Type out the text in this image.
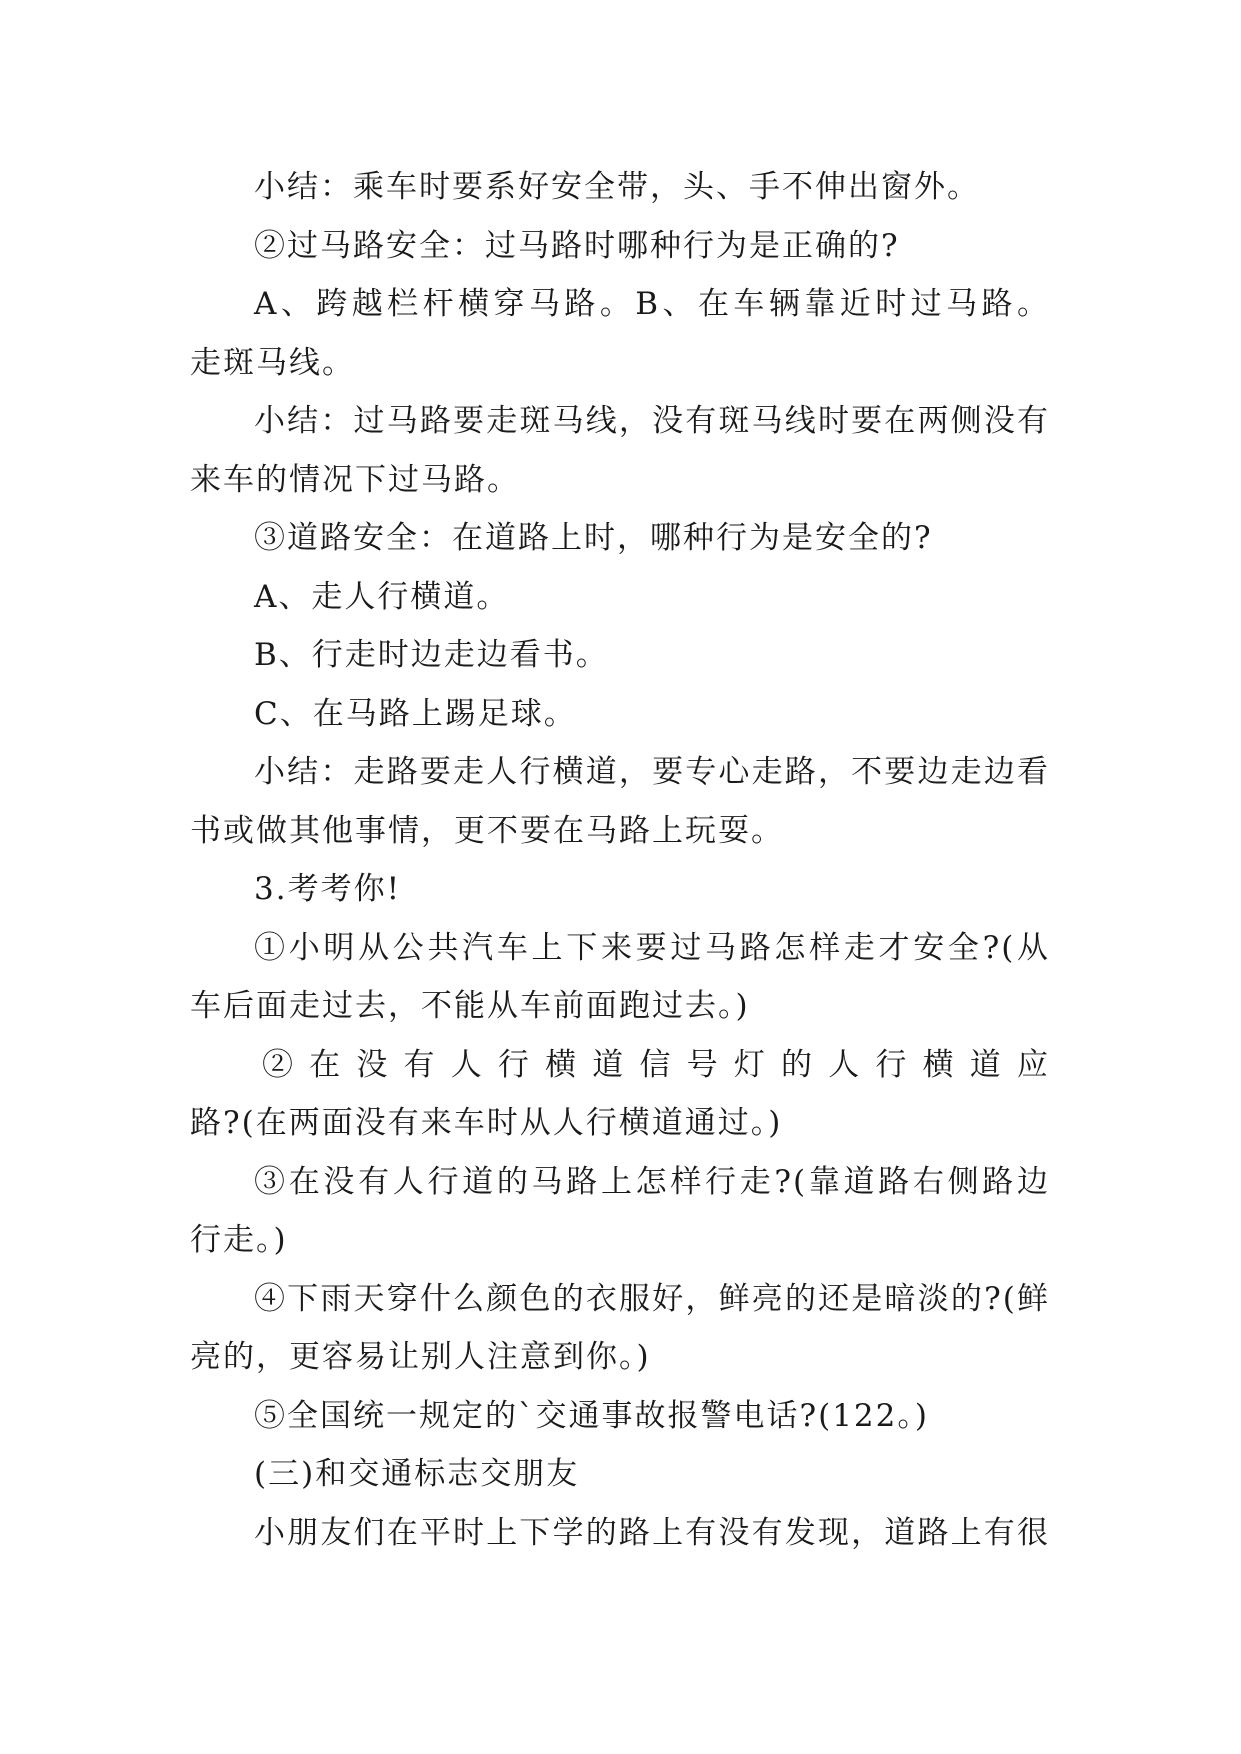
小结：乘车时要系好安全带，头、手不伸出窗外。
②过马路安全：过马路时哪种行为是正确的?
A、跨越栏杆横穿马路。B、在车辆靠近时过马路。
走斑马线。
小结：过马路要走斑马线，没有斑马线时要在两侧没有
来车的情况下过马路。
③道路安全：在道路上时，哪种行为是安全的?
A、走人行横道。
B、行走时边走边看书。
C、在马路上踢足球。
小结：走路要走人行横道，要专心走路，不要边走边看
书或做其他事情，更不要在马路上玩耍。
3.考考你!
①小明从公共汽车上下来要过马路怎样走才安全?(从
车后面走过去，不能从车前面跑过去。)
② 在 没 有 人 行 横 道 信 号 灯 的 人 行 横 道 应
路?(在两面没有来车时从人行横道通过。)
③在没有人行道的马路上怎样行走?(靠道路右侧路边
行走。)
④下雨天穿什么颜色的衣服好，鲜亮的还是暗淡的?(鲜
亮的，更容易让别人注意到你。)
⑤全国统一规定的`交通事故报警电话?(122。)
(三)和交通标志交朋友
小朋友们在平时上下学的路上有没有发现，道路上有很
